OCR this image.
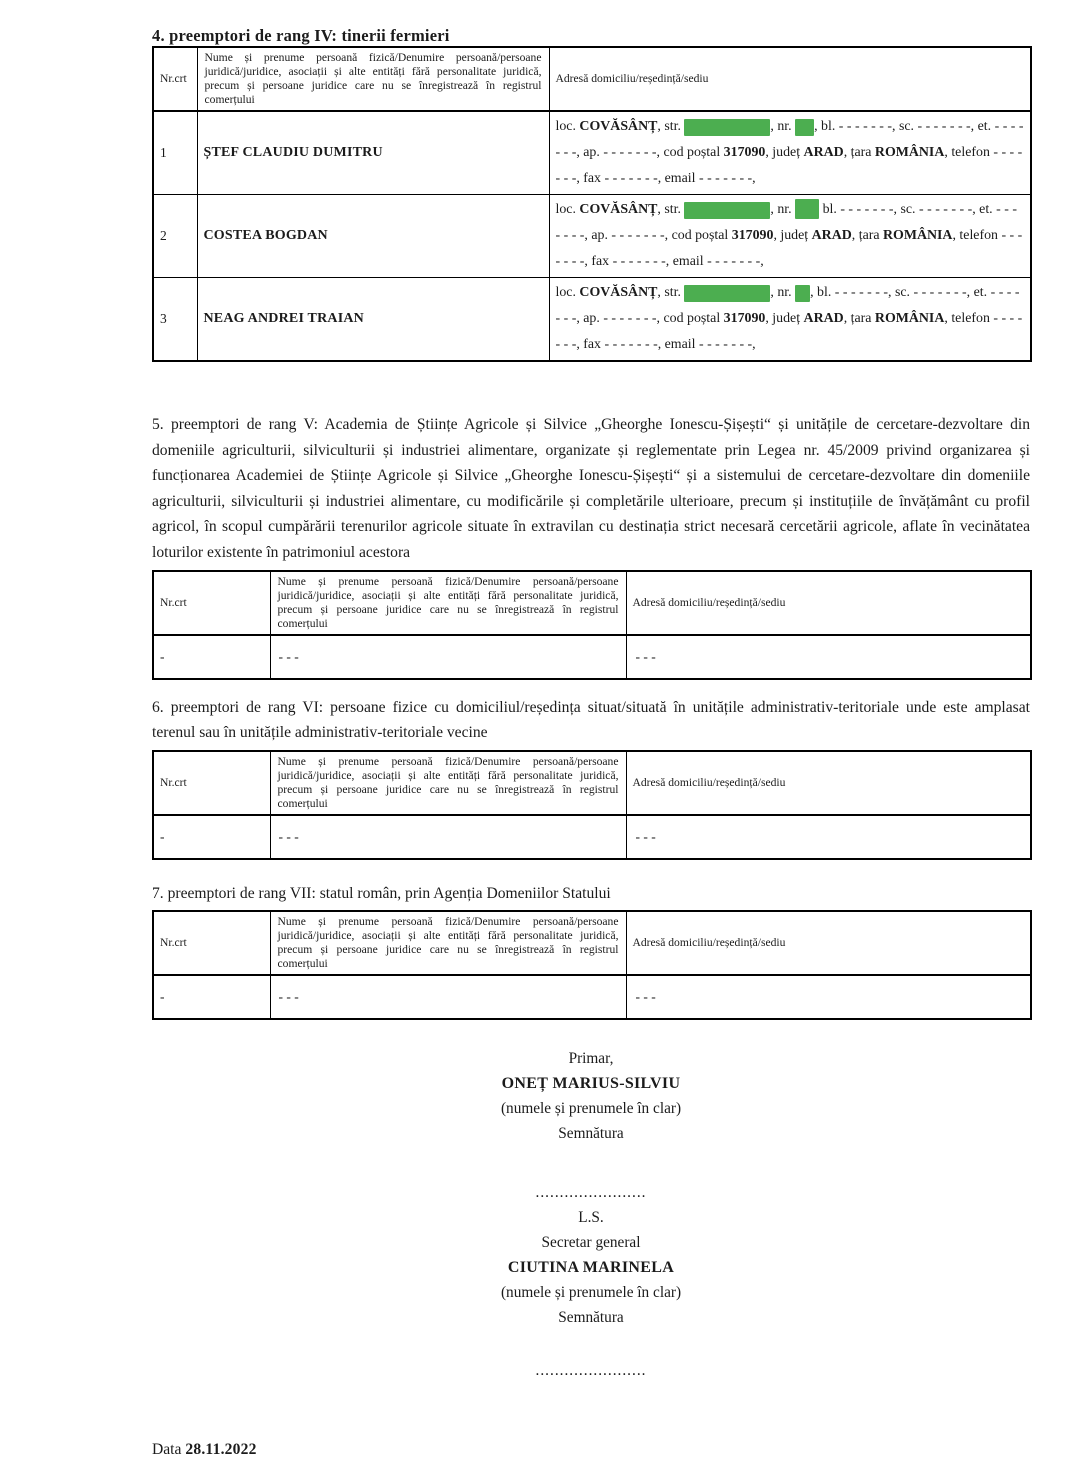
4. preemptori de rang IV: tinerii fermieri
Nr.crt	Nume și prenume persoană fizică/Denumire persoană/persoane juridică/juridice, asociații și alte entități fără personalitate juridică, precum și persoane juridice care nu se înregistrează în registrul comerțului	Adresă domiciliu/reședință/sediu
1	ȘTEF CLAUDIU DUMITRU	loc. COVĂSÂNȚ, str. , nr. , bl. - - - - - - -, sc. - - - - - - -, et. - - - - - - -, ap. - - - - - - -, cod poștal 317090, județ ARAD, țara ROMÂNIA, telefon - - - - - - -, fax - - - - - - -, email - - - - - - -,
2	COSTEA BOGDAN	loc. COVĂSÂNȚ, str. , nr.  bl. - - - - - - -, sc. - - - - - - -, et. - - - - - - -, ap. - - - - - - -, cod poștal 317090, județ ARAD, țara ROMÂNIA, telefon - - - - - - -, fax - - - - - - -, email - - - - - - -,
3	NEAG ANDREI TRAIAN	loc. COVĂSÂNȚ, str. , nr. , bl. - - - - - - -, sc. - - - - - - -, et. - - - - - - -, ap. - - - - - - -, cod poștal 317090, județ ARAD, țara ROMÂNIA, telefon - - - - - - -, fax - - - - - - -, email - - - - - - -,

5. preemptori de rang V: Academia de Științe Agricole și Silvice „Gheorghe Ionescu-Șișești“ și unitățile de cercetare-dezvoltare din domeniile agriculturii, silviculturii și industriei alimentare, organizate și reglementate prin Legea nr. 45/2009 privind organizarea și funcționarea Academiei de Științe Agricole și Silvice „Gheorghe Ionescu-Șișești“ și a sistemului de cercetare-dezvoltare din domeniile agriculturii, silviculturii și industriei alimentare, cu modificările și completările ulterioare, precum și instituțiile de învățământ cu profil agricol, în scopul cumpărării terenurilor agricole situate în extravilan cu destinația strict necesară cercetării agricole, aflate în vecinătatea loturilor existente în patrimoniul acestora

Nr.crt	Nume și prenume persoană fizică/Denumire persoană/persoane juridică/juridice, asociații și alte entități fără personalitate juridică, precum și persoane juridice care nu se înregistrează în registrul comerțului	Adresă domiciliu/reședință/sediu
-	- - -	- - -

6. preemptori de rang VI: persoane fizice cu domiciliul/reședința situat/situată în unitățile administrativ-teritoriale unde este amplasat terenul sau în unitățile administrativ-teritoriale vecine

Nr.crt	Nume și prenume persoană fizică/Denumire persoană/persoane juridică/juridice, asociații și alte entități fără personalitate juridică, precum și persoane juridice care nu se înregistrează în registrul comerțului	Adresă domiciliu/reședință/sediu
-	- - -	- - -

7. preemptori de rang VII: statul român, prin Agenția Domeniilor Statului

Nr.crt	Nume și prenume persoană fizică/Denumire persoană/persoane juridică/juridice, asociații și alte entități fără personalitate juridică, precum și persoane juridice care nu se înregistrează în registrul comerțului	Adresă domiciliu/reședință/sediu
-	- - -	- - -
Primar,
ONEȚ MARIUS-SILVIU
(numele și prenumele în clar)
Semnătura
.......................
L.S.
Secretar general
CIUTINA MARINELA
(numele și prenumele în clar)
Semnătura
.......................
Data 28.11.2022
